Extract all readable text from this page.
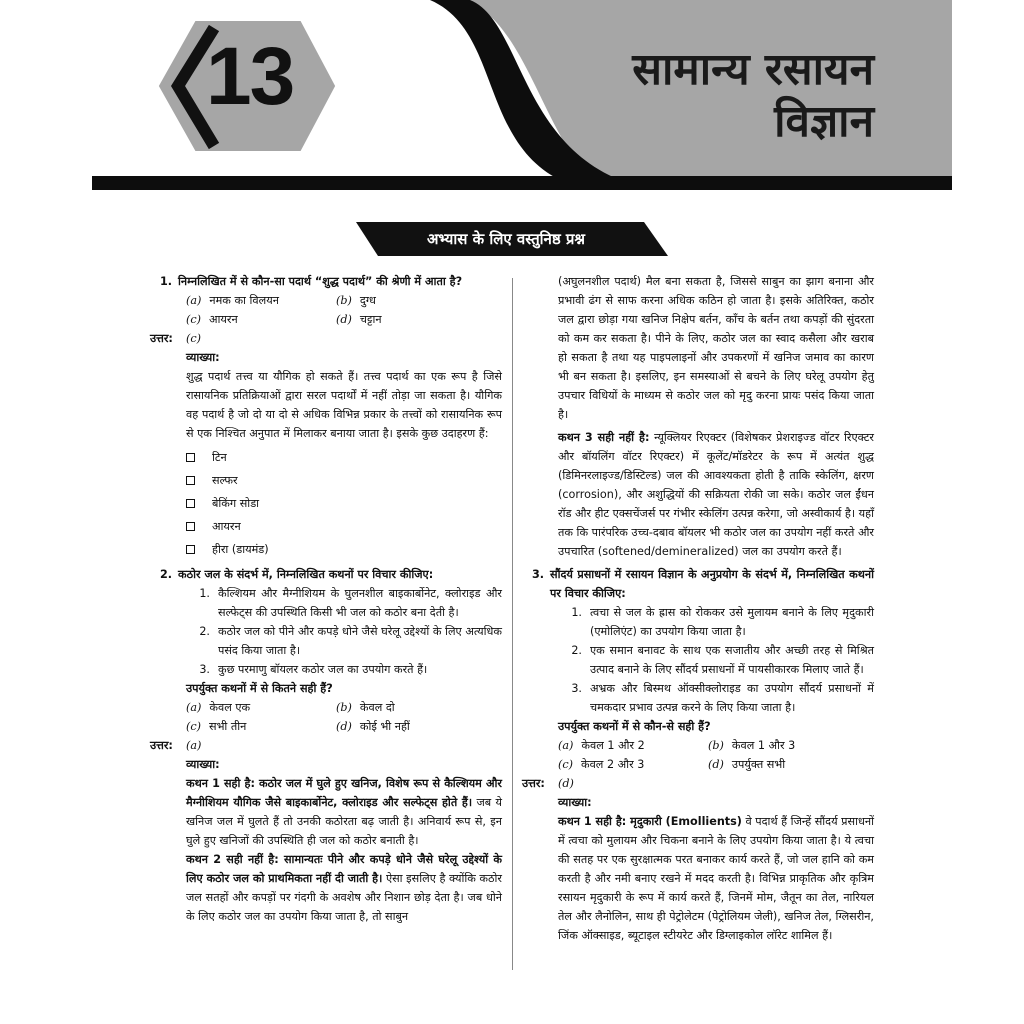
13	सामान्य रसायन
विज्ञान
अभ्यास के लिए वस्तुनिष्ठ प्रश्न
1. निम्नलिखित में से कौन-सा पदार्थ “शुद्ध पदार्थ” की श्रेणी में आता है?
(a) नमक का विलयन	(b) दुग्ध
(c) आयरन	(d) चट्टान
उत्तर:	(c)
व्याख्या:

शुद्ध पदार्थ तत्त्व या यौगिक हो सकते हैं। तत्त्व पदार्थ का एक रूप है जिसे रासायनिक प्रतिक्रियाओं द्वारा सरल पदार्थों में नहीं तोड़ा जा सकता है। यौगिक वह पदार्थ है जो दो या दो से अधिक विभिन्न प्रकार के तत्त्वों को रासायनिक रूप से एक निश्चित अनुपात में मिलाकर बनाया जाता है। इसके कुछ उदाहरण हैं:

टिन
सल्फर
बेकिंग सोडा
आयरन
हीरा (डायमंड)
2. कठोर जल के संदर्भ में, निम्नलिखित कथनों पर विचार कीजिए:
1. कैल्शियम और मैग्नीशियम के घुलनशील बाइकार्बोनेट, क्लोराइड और सल्फेट्स की उपस्थिति किसी भी जल को कठोर बना देती है।
2. कठोर जल को पीने और कपड़े धोने जैसे घरेलू उद्देश्यों के लिए अत्यधिक पसंद किया जाता है।
3. कुछ परमाणु बॉयलर कठोर जल का उपयोग करते हैं।
उपर्युक्त कथनों में से कितने सही हैं?
(a) केवल एक	(b) केवल दो
(c) सभी तीन	(d) कोई भी नहीं
उत्तर:	(a)
व्याख्या:

कथन 1 सही है: कठोर जल में घुले हुए खनिज, विशेष रूप से कैल्शियम और मैग्नीशियम यौगिक जैसे बाइकार्बोनेट, क्लोराइड और सल्फेट्स होते हैं। जब ये खनिज जल में घुलते हैं तो उनकी कठोरता बढ़ जाती है। अनिवार्य रूप से, इन घुले हुए खनिजों की उपस्थिति ही जल को कठोर बनाती है।

कथन 2 सही नहीं है: सामान्यतः पीने और कपड़े धोने जैसे घरेलू उद्देश्यों के लिए कठोर जल को प्राथमिकता नहीं दी जाती है। ऐसा इसलिए है क्योंकि कठोर जल सतहों और कपड़ों पर गंदगी के अवशेष और निशान छोड़ देता है। जब धोने के लिए कठोर जल का उपयोग किया जाता है, तो साबुन

(अघुलनशील पदार्थ) मैल बना सकता है, जिससे साबुन का झाग बनाना और प्रभावी ढंग से साफ करना अधिक कठिन हो जाता है। इसके अतिरिक्त, कठोर जल द्वारा छोड़ा गया खनिज निक्षेप बर्तन, काँच के बर्तन तथा कपड़ों की सुंदरता को कम कर सकता है। पीने के लिए, कठोर जल का स्वाद कसैला और खराब हो सकता है तथा यह पाइपलाइनों और उपकरणों में खनिज जमाव का कारण भी बन सकता है। इसलिए, इन समस्याओं से बचने के लिए घरेलू उपयोग हेतु उपचार विधियों के माध्यम से कठोर जल को मृदु करना प्रायः पसंद किया जाता है।

कथन 3 सही नहीं है: न्यूक्लियर रिएक्टर (विशेषकर प्रेशराइज्ड वॉटर रिएक्टर और बॉयलिंग वॉटर रिएक्टर) में कूलेंट/मॉडरेटर के रूप में अत्यंत शुद्ध (डिमिनरलाइज्ड/डिस्टिल्ड) जल की आवश्यकता होती है ताकि स्केलिंग, क्षरण (corrosion), और अशुद्धियों की सक्रियता रोकी जा सके। कठोर जल ईंधन रॉड और हीट एक्सचेंजर्स पर गंभीर स्केलिंग उत्पन्न करेगा, जो अस्वीकार्य है। यहाँ तक कि पारंपरिक उच्च-दबाव बॉयलर भी कठोर जल का उपयोग नहीं करते और उपचारित (softened/demineralized) जल का उपयोग करते हैं।

3. सौंदर्य प्रसाधनों में रसायन विज्ञान के अनुप्रयोग के संदर्भ में, निम्नलिखित कथनों पर विचार कीजिए:
1. त्वचा से जल के ह्रास को रोककर उसे मुलायम बनाने के लिए मृदुकारी (एमोलिएंट) का उपयोग किया जाता है।
2. एक समान बनावट के साथ एक सजातीय और अच्छी तरह से मिश्रित उत्पाद बनाने के लिए सौंदर्य प्रसाधनों में पायसीकारक मिलाए जाते हैं।
3. अभ्रक और बिस्मथ ऑक्सीक्लोराइड का उपयोग सौंदर्य प्रसाधनों में चमकदार प्रभाव उत्पन्न करने के लिए किया जाता है।
उपर्युक्त कथनों में से कौन-से सही हैं?
(a) केवल 1 और 2	(b) केवल 1 और 3
(c) केवल 2 और 3	(d) उपर्युक्त सभी
उत्तर:	(d)
व्याख्या:

कथन 1 सही है: मृदुकारी (Emollients) वे पदार्थ हैं जिन्हें सौंदर्य प्रसाधनों में त्वचा को मुलायम और चिकना बनाने के लिए उपयोग किया जाता है। ये त्वचा की सतह पर एक सुरक्षात्मक परत बनाकर कार्य करते हैं, जो जल हानि को कम करती है और नमी बनाए रखने में मदद करती है। विभिन्न प्राकृतिक और कृत्रिम रसायन मृदुकारी के रूप में कार्य करते हैं, जिनमें मोम, जैतून का तेल, नारियल तेल और लैनोलिन, साथ ही पेट्रोलेटम (पेट्रोलियम जेली), खनिज तेल, ग्लिसरीन, जिंक ऑक्साइड, ब्यूटाइल स्टीयरेट और डिग्लाइकोल लॉरेट शामिल हैं।
